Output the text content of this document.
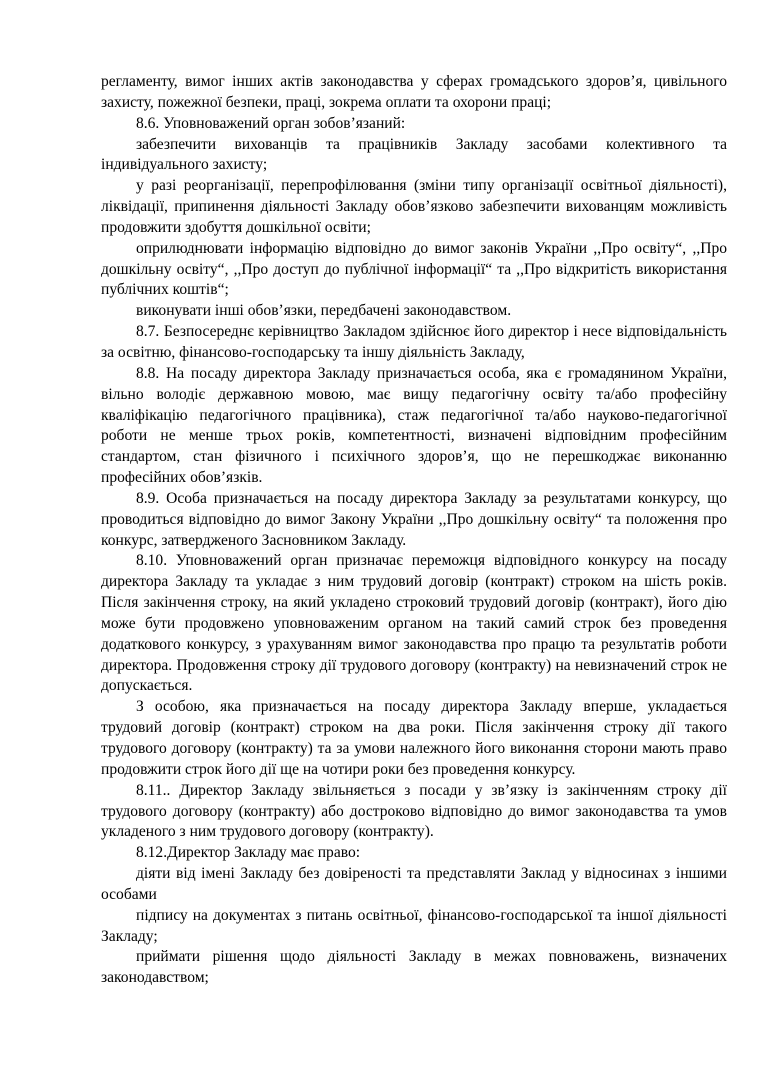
регламенту, вимог інших актів законодавства у сферах громадського здоров’я, цивільного захисту, пожежної безпеки, праці, зокрема оплати та охорони праці;

8.6. Уповноважений орган зобов’язаний:

забезпечити вихованців та працівників Закладу засобами колективного та індивідуального захисту;

у разі реорганізації, перепрофілювання (зміни типу організації освітньої діяльності), ліквідації, припинення діяльності Закладу обов’язково забезпечити вихованцям можливість продовжити здобуття дошкільної освіти;

оприлюднювати інформацію відповідно до вимог законів України ,,Про освіту“, ,,Про дошкільну освіту“, ,,Про доступ до публічної інформації“ та ,,Про відкритість використання публічних коштів“;

виконувати інші обов’язки, передбачені законодавством.

8.7. Безпосереднє керівництво Закладом здійснює його директор і несе відповідальність за освітню, фінансово-господарську та іншу діяльність Закладу,

8.8. На посаду директора Закладу призначається особа, яка є громадянином України, вільно володіє державною мовою, має вищу педагогічну освіту та/або професійну кваліфікацію педагогічного працівника), стаж педагогічної та/або науково-педагогічної роботи не менше трьох років, компетентності, визначені відповідним професійним стандартом, стан фізичного і психічного здоров’я, що не перешкоджає виконанню професійних обов’язків.

8.9. Особа призначається на посаду директора Закладу за результатами конкурсу, що проводиться відповідно до вимог Закону України ,,Про дошкільну освіту“ та положення про конкурс, затвердженого Засновником Закладу.

8.10. Уповноважений орган призначає переможця відповідного конкурсу на посаду директора Закладу та укладає з ним трудовий договір (контракт) строком на шість років. Після закінчення строку, на який укладено строковий трудовий договір (контракт), його дію може бути продовжено уповноваженим органом на такий самий строк без проведення додаткового конкурсу, з урахуванням вимог законодавства про працю та результатів роботи директора. Продовження строку дії трудового договору (контракту) на невизначений строк не допускається.

З особою, яка призначається на посаду директора Закладу вперше, укладається трудовий договір (контракт) строком на два роки. Після закінчення строку дії такого трудового договору (контракту) та за умови належного його виконання сторони мають право продовжити строк його дії ще на чотири роки без проведення конкурсу.

8.11.. Директор Закладу звільняється з посади у зв’язку із закінченням строку дії трудового договору (контракту) або достроково відповідно до вимог законодавства та умов укладеного з ним трудового договору (контракту).

8.12.Директор Закладу має право:

діяти від імені Закладу без довіреності та представляти Заклад у відносинах з іншими особами

підпису на документах з питань освітньої, фінансово-господарської та іншої діяльності Закладу;

приймати рішення щодо діяльності Закладу в межах повноважень, визначених законодавством;
